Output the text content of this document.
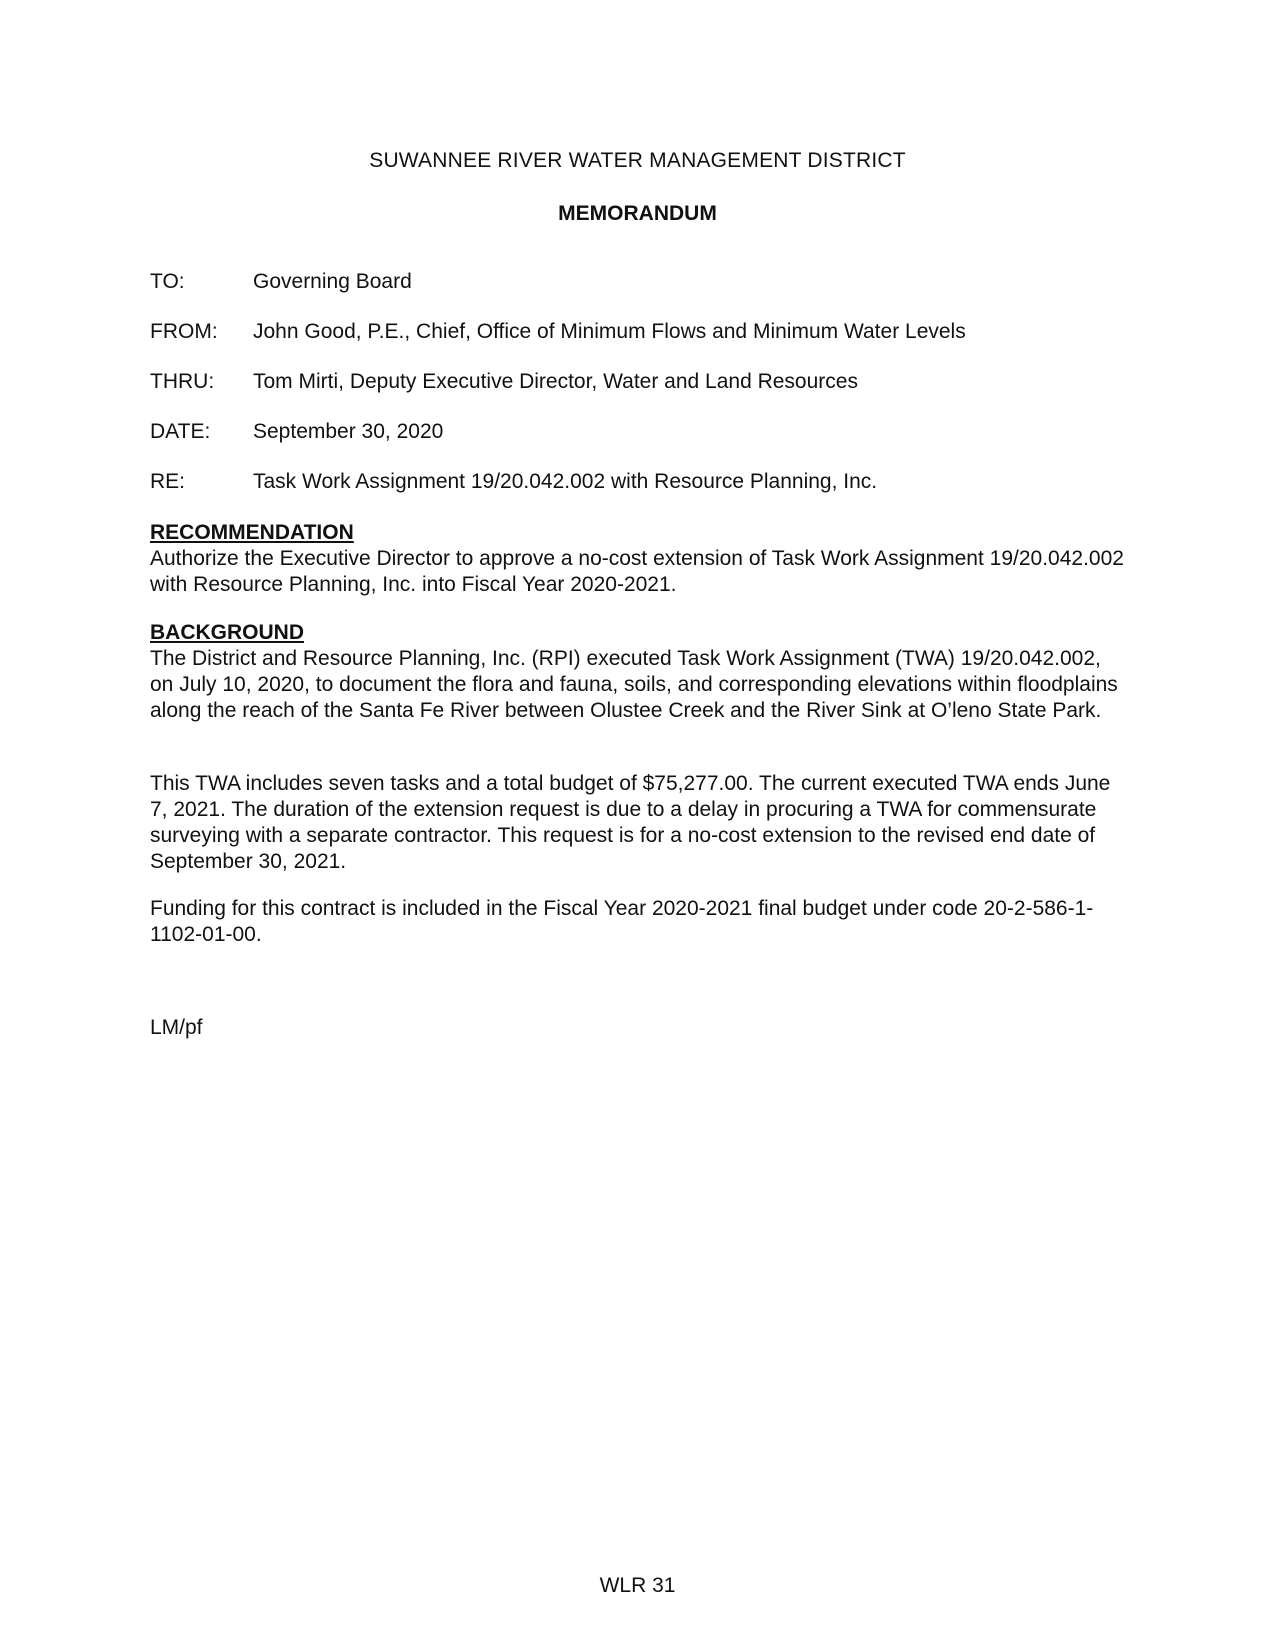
SUWANNEE RIVER WATER MANAGEMENT DISTRICT
MEMORANDUM
TO:	Governing Board
FROM: John Good, P.E., Chief, Office of Minimum Flows and Minimum Water Levels
THRU: Tom Mirti, Deputy Executive Director, Water and Land Resources
DATE: September 30, 2020
RE:	Task Work Assignment 19/20.042.002 with Resource Planning, Inc.
RECOMMENDATION
Authorize the Executive Director to approve a no-cost extension of Task Work Assignment 19/20.042.002 with Resource Planning, Inc. into Fiscal Year 2020-2021.
BACKGROUND
The District and Resource Planning, Inc. (RPI) executed Task Work Assignment (TWA) 19/20.042.002, on July 10, 2020, to document the flora and fauna, soils, and corresponding elevations within floodplains along the reach of the Santa Fe River between Olustee Creek and the River Sink at O’leno State Park.
This TWA includes seven tasks and a total budget of $75,277.00. The current executed TWA ends June 7, 2021. The duration of the extension request is due to a delay in procuring a TWA for commensurate surveying with a separate contractor. This request is for a no-cost extension to the revised end date of September 30, 2021.
Funding for this contract is included in the Fiscal Year 2020-2021 final budget under code 20-2-586-1-1102-01-00.
LM/pf
WLR 31
